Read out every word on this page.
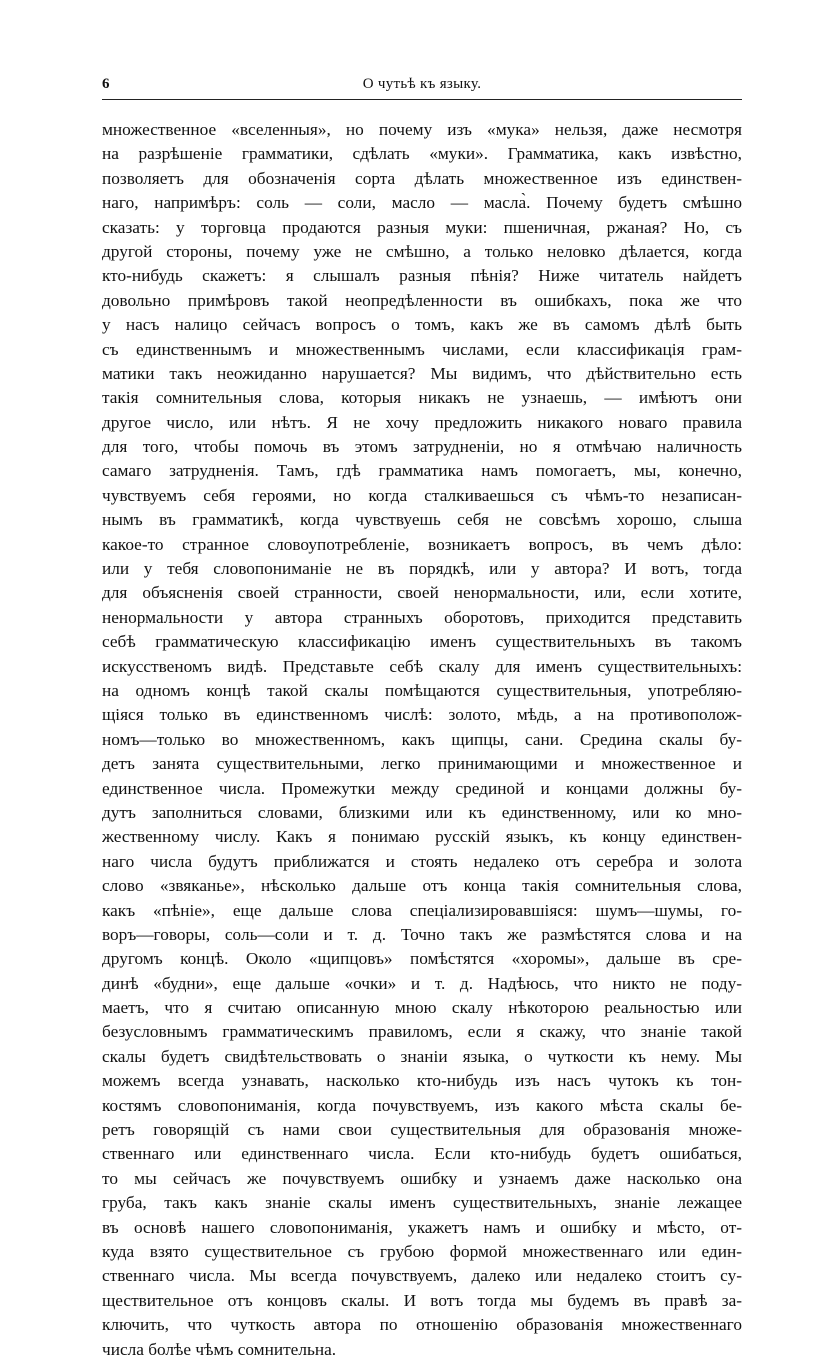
6	О чутьѣ къ языку.
множественное «вселенныя», но почему изъ «мука» нельзя, даже несмотря
на разрѣшеніе грамматики, сдѣлать «муки». Грамматика, какъ извѣстно,
позволяетъ для обозначенія сорта дѣлать множественное изъ единствен-
наго, напримѣръ: соль — соли, масло — масла̀. Почему будетъ смѣшно
сказать: у торговца продаются разныя муки: пшеничная, ржаная? Но, съ
другой стороны, почему уже не смѣшно, а только неловко дѣлается, когда
кто-нибудь скажетъ: я слышалъ разныя пѣнія? Ниже читатель найдетъ
довольно примѣровъ такой неопредѣленности въ ошибкахъ, пока же что
у насъ налицо сейчасъ вопросъ о томъ, какъ же въ самомъ дѣлѣ быть
съ единственнымъ и множественнымъ числами, если классификація грам-
матики такъ неожиданно нарушается? Мы видимъ, что дѣйствительно есть
такія сомнительныя слова, которыя никакъ не узнаешь, — имѣютъ они
другое число, или нѣтъ. Я не хочу предложить никакого новаго правила
для того, чтобы помочь въ этомъ затрудненіи, но я отмѣчаю наличность
самаго затрудненія. Тамъ, гдѣ грамматика намъ помогаетъ, мы, конечно,
чувствуемъ себя героями, но когда сталкиваешься съ чѣмъ-то незаписан-
нымъ въ грамматикѣ, когда чувствуешь себя не совсѣмъ хорошо, слыша
какое-то странное словоупотребленіе, возникаетъ вопросъ, въ чемъ дѣло:
или у тебя словопониманіе не въ порядкѣ, или у автора? И вотъ, тогда
для объясненія своей странности, своей ненормальности, или, если хотите,
ненормальности у автора странныхъ оборотовъ, приходится представить
себѣ грамматическую классификацію именъ существительныхъ въ такомъ
искусственомъ видѣ. Представьте себѣ скалу для именъ существительныхъ:
на одномъ концѣ такой скалы помѣщаются существительныя, употребляю-
щіяся только въ единственномъ числѣ: золото, мѣдь, а на противополож-
номъ—только во множественномъ, какъ щипцы, сани. Средина скалы бу-
детъ занята существительными, легко принимающими и множественное и
единственное числа. Промежутки между срединой и концами должны бу-
дутъ заполниться словами, близкими или къ единственному, или ко мно-
жественному числу. Какъ я понимаю русскій языкъ, къ концу единствен-
наго числа будутъ приближатся и стоять недалеко отъ серебра и золота
слово «звяканье», нѣсколько дальше отъ конца такія сомнительныя слова,
какъ «пѣніе», еще дальше слова спеціализировавшіяся: шумъ—шумы, го-
воръ—говоры, соль—соли и т. д. Точно такъ же размѣстятся слова и на
другомъ концѣ. Около «щипцовъ» помѣстятся «хоромы», дальше въ сре-
динѣ «будни», еще дальше «очки» и т. д. Надѣюсь, что никто не поду-
маетъ, что я считаю описанную мною скалу нѣкоторою реальностью или
безусловнымъ грамматическимъ правиломъ, если я скажу, что знаніе такой
скалы будетъ свидѣтельствовать о знаніи языка, о чуткости къ нему. Мы
можемъ всегда узнавать, насколько кто-нибудь изъ насъ чутокъ къ тон-
костямъ словопониманія, когда почувствуемъ, изъ какого мѣста скалы бе-
ретъ говорящій съ нами свои существительныя для образованія множе-
ственнаго или единственнаго числа. Если кто-нибудь будетъ ошибаться,
то мы сейчасъ же почувствуемъ ошибку и узнаемъ даже насколько она
груба, такъ какъ знаніе скалы именъ существительныхъ, знаніе лежащее
въ основѣ нашего словопониманія, укажетъ намъ и ошибку и мѣсто, от-
куда взято существительное съ грубою формой множественнаго или един-
ственнаго числа. Мы всегда почувствуемъ, далеко или недалеко стоитъ су-
ществительное отъ концовъ скалы. И вотъ тогда мы будемъ въ правѣ за-
ключить, что чуткость автора по отношенію образованія множественнаго
числа болѣе чѣмъ сомнительна.
